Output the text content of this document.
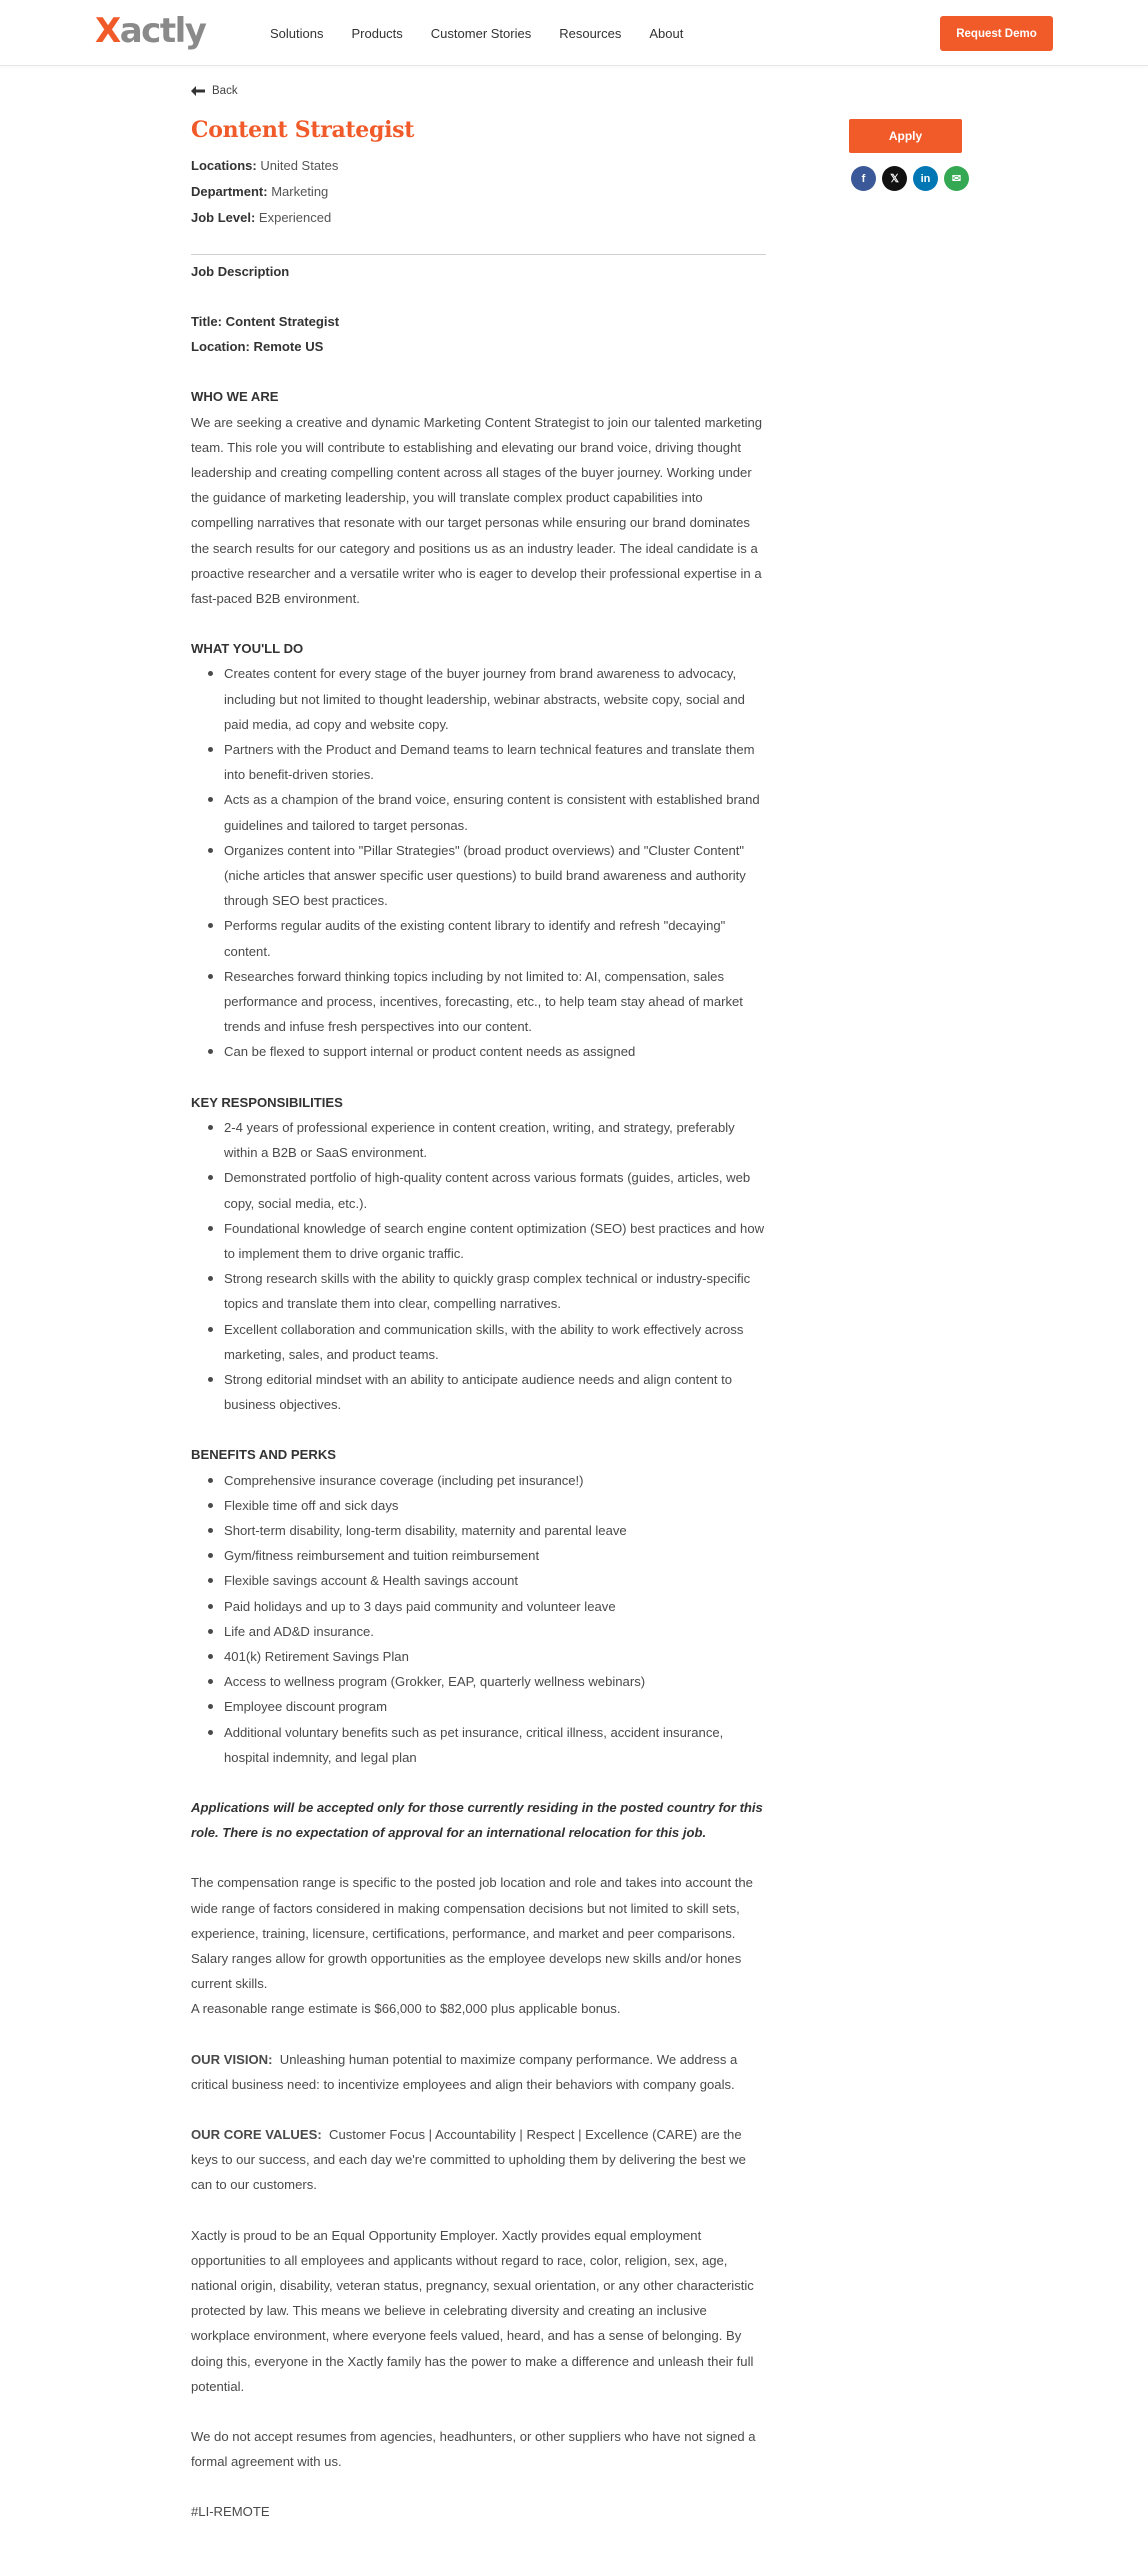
Xactly	Solutions Products Customer Stories Resources About	Request Demo
Back
Content Strategist
Locations: United States
Department: Marketing
Job Level: Experienced
Job Description
Title: Content Strategist
Location: Remote US
WHO WE ARE
We are seeking a creative and dynamic Marketing Content Strategist to join our talented marketing team. This role you will contribute to establishing and elevating our brand voice, driving thought leadership and creating compelling content across all stages of the buyer journey. Working under the guidance of marketing leadership, you will translate complex product capabilities into compelling narratives that resonate with our target personas while ensuring our brand dominates the search results for our category and positions us as an industry leader. The ideal candidate is a proactive researcher and a versatile writer who is eager to develop their professional expertise in a fast-paced B2B environment.
WHAT YOU'LL DO
Creates content for every stage of the buyer journey from brand awareness to advocacy, including but not limited to thought leadership, webinar abstracts, website copy, social and paid media, ad copy and website copy.
Partners with the Product and Demand teams to learn technical features and translate them into benefit-driven stories.
Acts as a champion of the brand voice, ensuring content is consistent with established brand guidelines and tailored to target personas.
Organizes content into "Pillar Strategies" (broad product overviews) and "Cluster Content" (niche articles that answer specific user questions) to build brand awareness and authority through SEO best practices.
Performs regular audits of the existing content library to identify and refresh "decaying" content.
Researches forward thinking topics including by not limited to: AI, compensation, sales performance and process, incentives, forecasting, etc., to help team stay ahead of market trends and infuse fresh perspectives into our content.
Can be flexed to support internal or product content needs as assigned
KEY RESPONSIBILITIES
2-4 years of professional experience in content creation, writing, and strategy, preferably within a B2B or SaaS environment.
Demonstrated portfolio of high-quality content across various formats (guides, articles, web copy, social media, etc.).
Foundational knowledge of search engine content optimization (SEO) best practices and how to implement them to drive organic traffic.
Strong research skills with the ability to quickly grasp complex technical or industry-specific topics and translate them into clear, compelling narratives.
Excellent collaboration and communication skills, with the ability to work effectively across marketing, sales, and product teams.
Strong editorial mindset with an ability to anticipate audience needs and align content to business objectives.
BENEFITS AND PERKS
Comprehensive insurance coverage (including pet insurance!)
Flexible time off and sick days
Short-term disability, long-term disability, maternity and parental leave
Gym/fitness reimbursement and tuition reimbursement
Flexible savings account & Health savings account
Paid holidays and up to 3 days paid community and volunteer leave
Life and AD&D insurance.
401(k) Retirement Savings Plan
Access to wellness program (Grokker, EAP, quarterly wellness webinars)
Employee discount program
Additional voluntary benefits such as pet insurance, critical illness, accident insurance, hospital indemnity, and legal plan
Applications will be accepted only for those currently residing in the posted country for this role. There is no expectation of approval for an international relocation for this job.
The compensation range is specific to the posted job location and role and takes into account the wide range of factors considered in making compensation decisions but not limited to skill sets, experience, training, licensure, certifications, performance, and market and peer comparisons. Salary ranges allow for growth opportunities as the employee develops new skills and/or hones current skills.
A reasonable range estimate is $66,000 to $82,000 plus applicable bonus.
OUR VISION: Unleashing human potential to maximize company performance. We address a critical business need: to incentivize employees and align their behaviors with company goals.
OUR CORE VALUES: Customer Focus | Accountability | Respect | Excellence (CARE) are the keys to our success, and each day we're committed to upholding them by delivering the best we can to our customers.
Xactly is proud to be an Equal Opportunity Employer. Xactly provides equal employment opportunities to all employees and applicants without regard to race, color, religion, sex, age, national origin, disability, veteran status, pregnancy, sexual orientation, or any other characteristic protected by law. This means we believe in celebrating diversity and creating an inclusive workplace environment, where everyone feels valued, heard, and has a sense of belonging. By doing this, everyone in the Xactly family has the power to make a difference and unleash their full potential.
We do not accept resumes from agencies, headhunters, or other suppliers who have not signed a formal agreement with us.
#LI-REMOTE
Apply
f	𝕏	in	✉
